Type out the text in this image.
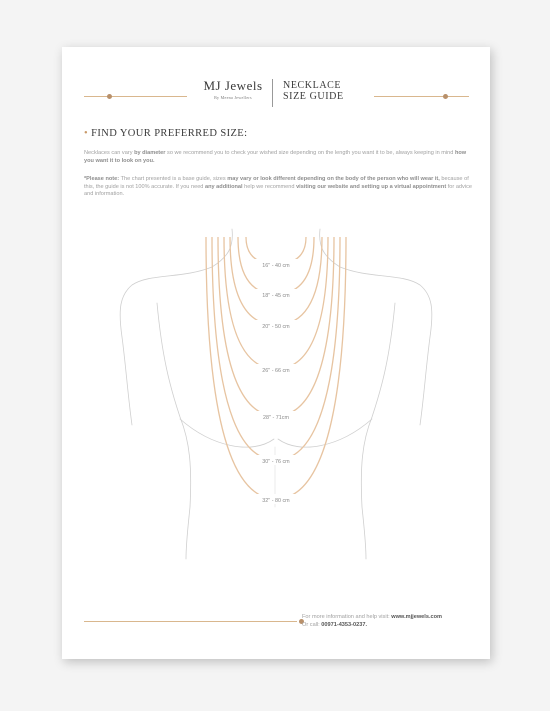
MJ Jewels
By Meena Jewellers
NECKLACE
SIZE GUIDE
• FIND YOUR PREFERRED SIZE:
Necklaces can vary by diameter so we recommend you to check your wished size depending on the length you want it to be, always keeping in mind how you want it to look on you.
*Please note: The chart presented is a base guide, sizes may vary or look different depending on the body of the person who will wear it, because of this, the guide is not 100% accurate. If you need any additional help we recommend visiting our website and setting up a virtual appointment for advice and information.
16" - 40 cm
18" - 45 cm
20" - 50 cm
26" - 66 cm
28" - 71cm
30" - 76 cm
32" - 80 cm
For more information and help visit: www.mjjewels.com
Or call: 00971-4353-0237.
